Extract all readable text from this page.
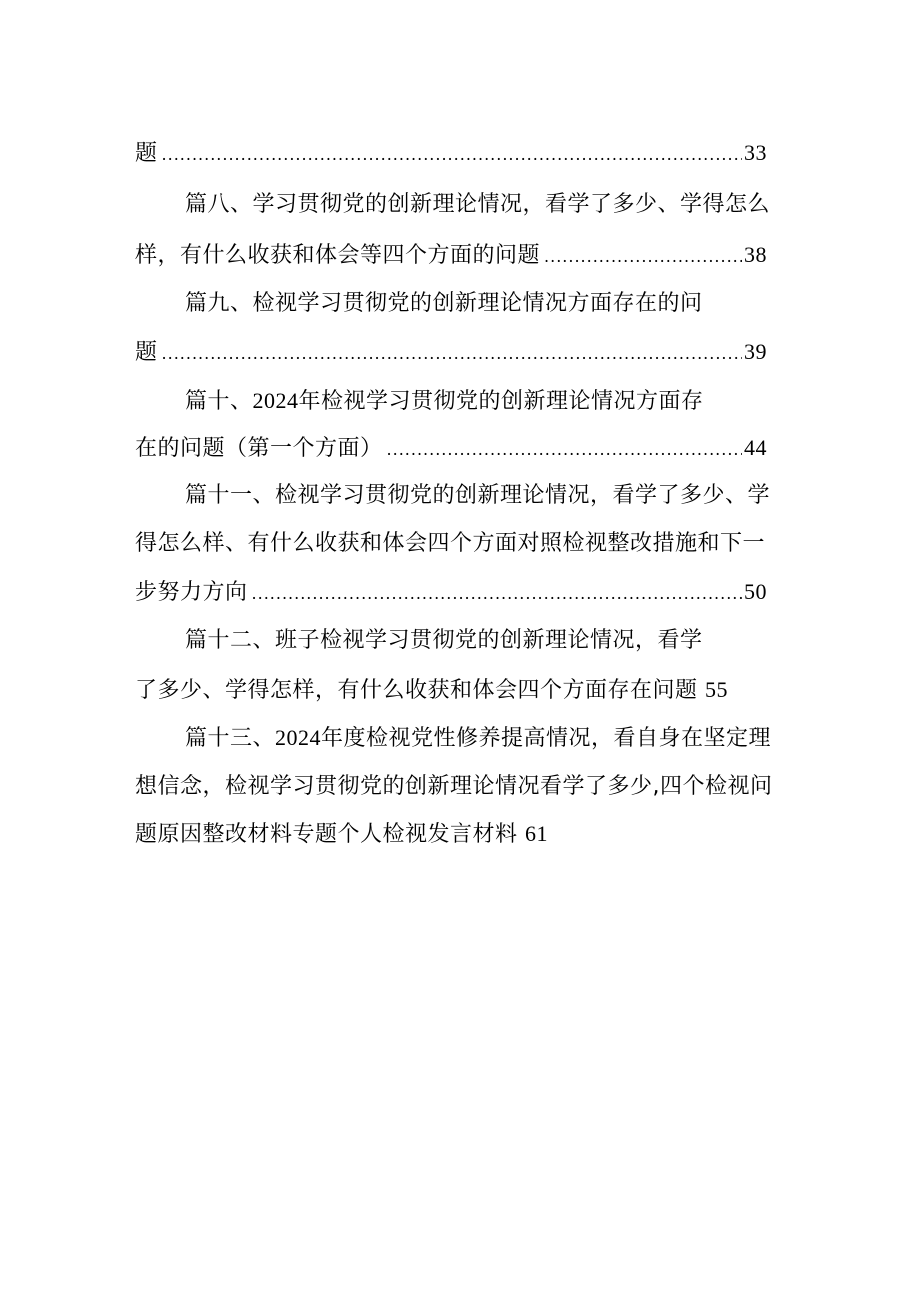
题 .....	33
篇八、学习贯彻党的创新理论情况，看学了多少、学得怎么
样，有什么收获和体会等四个方面的问题 .....	38
篇九、检视学习贯彻党的创新理论情况方面存在的问
题 .....	39
篇十、2024年检视学习贯彻党的创新理论情况方面存
在的问题（第一个方面） .....	44
篇十一、检视学习贯彻党的创新理论情况，看学了多少、学
得怎么样、有什么收获和体会四个方面对照检视整改措施和下一
步努力方向 .....	50
篇十二、班子检视学习贯彻党的创新理论情况，看学
了多少、学得怎样，有什么收获和体会四个方面存在问题 55
篇十三、2024年度检视党性修养提高情况，看自身在坚定理
想信念，检视学习贯彻党的创新理论情况看学了多少,四个检视问
题原因整改材料专题个人检视发言材料 61
